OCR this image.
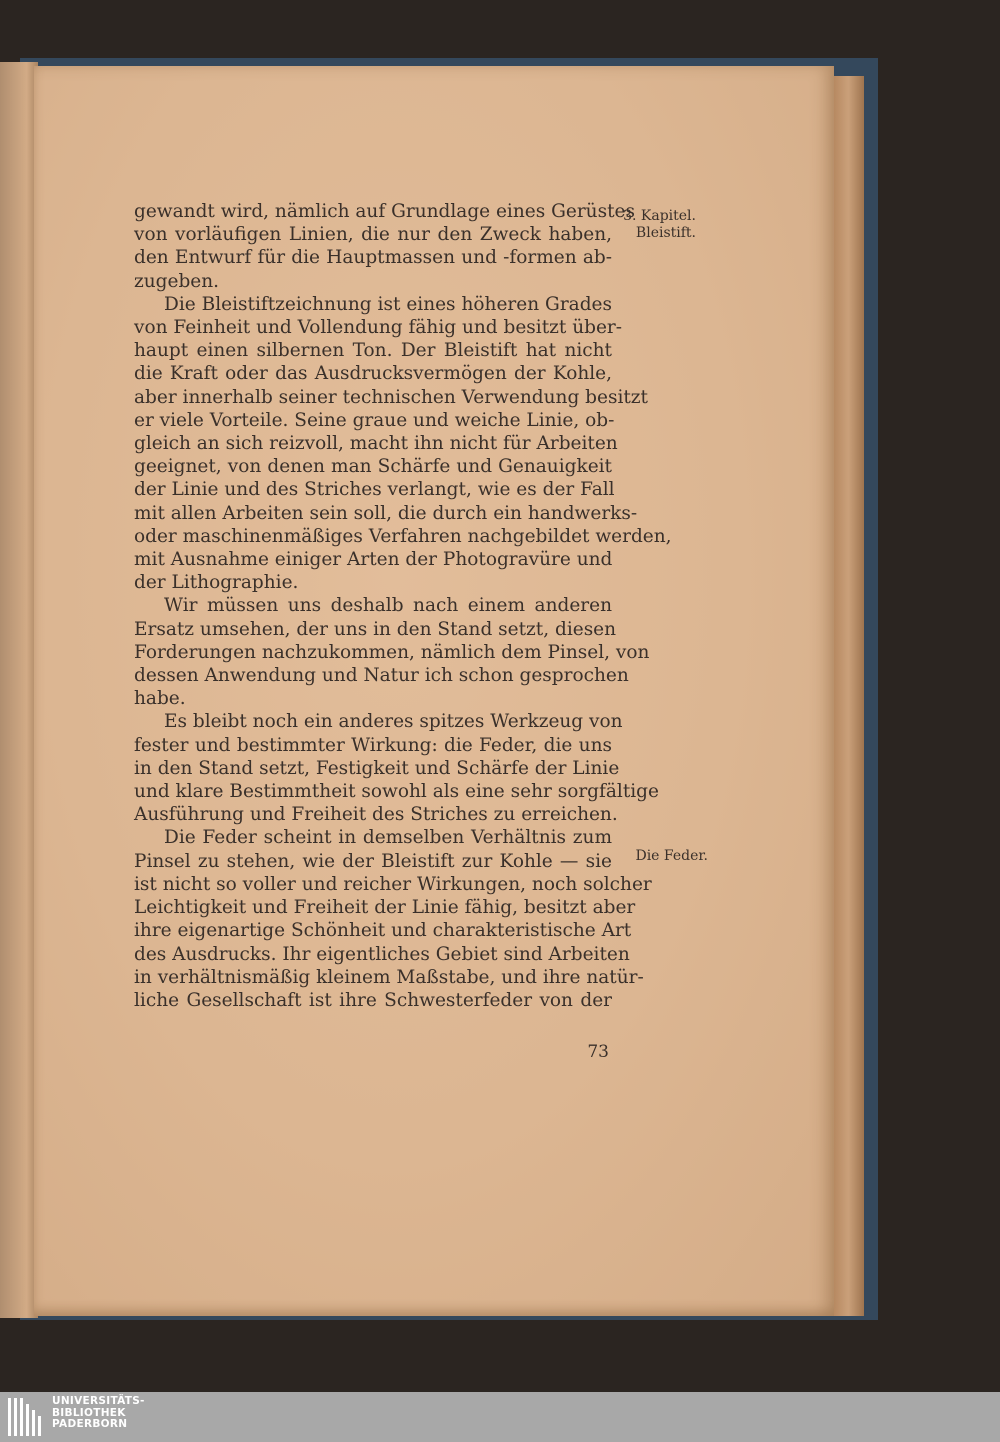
gewandt wird, nämlich auf Grundlage eines Gerüstes
von vorläufigen Linien, die nur den Zweck haben,
den Entwurf für die Hauptmassen und -formen ab-
zugeben.
Die Bleistiftzeichnung ist eines höheren Grades
von Feinheit und Vollendung fähig und besitzt über-
haupt einen silbernen Ton. Der Bleistift hat nicht
die Kraft oder das Ausdrucksvermögen der Kohle,
aber innerhalb seiner technischen Verwendung besitzt
er viele Vorteile. Seine graue und weiche Linie, ob-
gleich an sich reizvoll, macht ihn nicht für Arbeiten
geeignet, von denen man Schärfe und Genauigkeit
der Linie und des Striches verlangt, wie es der Fall
mit allen Arbeiten sein soll, die durch ein handwerks-
oder maschinenmäßiges Verfahren nachgebildet werden,
mit Ausnahme einiger Arten der Photogravüre und
der Lithographie.
Wir müssen uns deshalb nach einem anderen
Ersatz umsehen, der uns in den Stand setzt, diesen
Forderungen nachzukommen, nämlich dem Pinsel, von
dessen Anwendung und Natur ich schon gesprochen
habe.
Es bleibt noch ein anderes spitzes Werkzeug von
fester und bestimmter Wirkung: die Feder, die uns
in den Stand setzt, Festigkeit und Schärfe der Linie
und klare Bestimmtheit sowohl als eine sehr sorgfältige
Ausführung und Freiheit des Striches zu erreichen.
Die Feder scheint in demselben Verhältnis zum
Pinsel zu stehen, wie der Bleistift zur Kohle — sie
ist nicht so voller und reicher Wirkungen, noch solcher
Leichtigkeit und Freiheit der Linie fähig, besitzt aber
ihre eigenartige Schönheit und charakteristische Art
des Ausdrucks. Ihr eigentliches Gebiet sind Arbeiten
in verhältnismäßig kleinem Maßstabe, und ihre natür-
liche Gesellschaft ist ihre Schwesterfeder von der
3. Kapitel.
Bleistift.
Die Feder.
73
UNIVERSITÄTS-
BIBLIOTHEK
PADERBORN
